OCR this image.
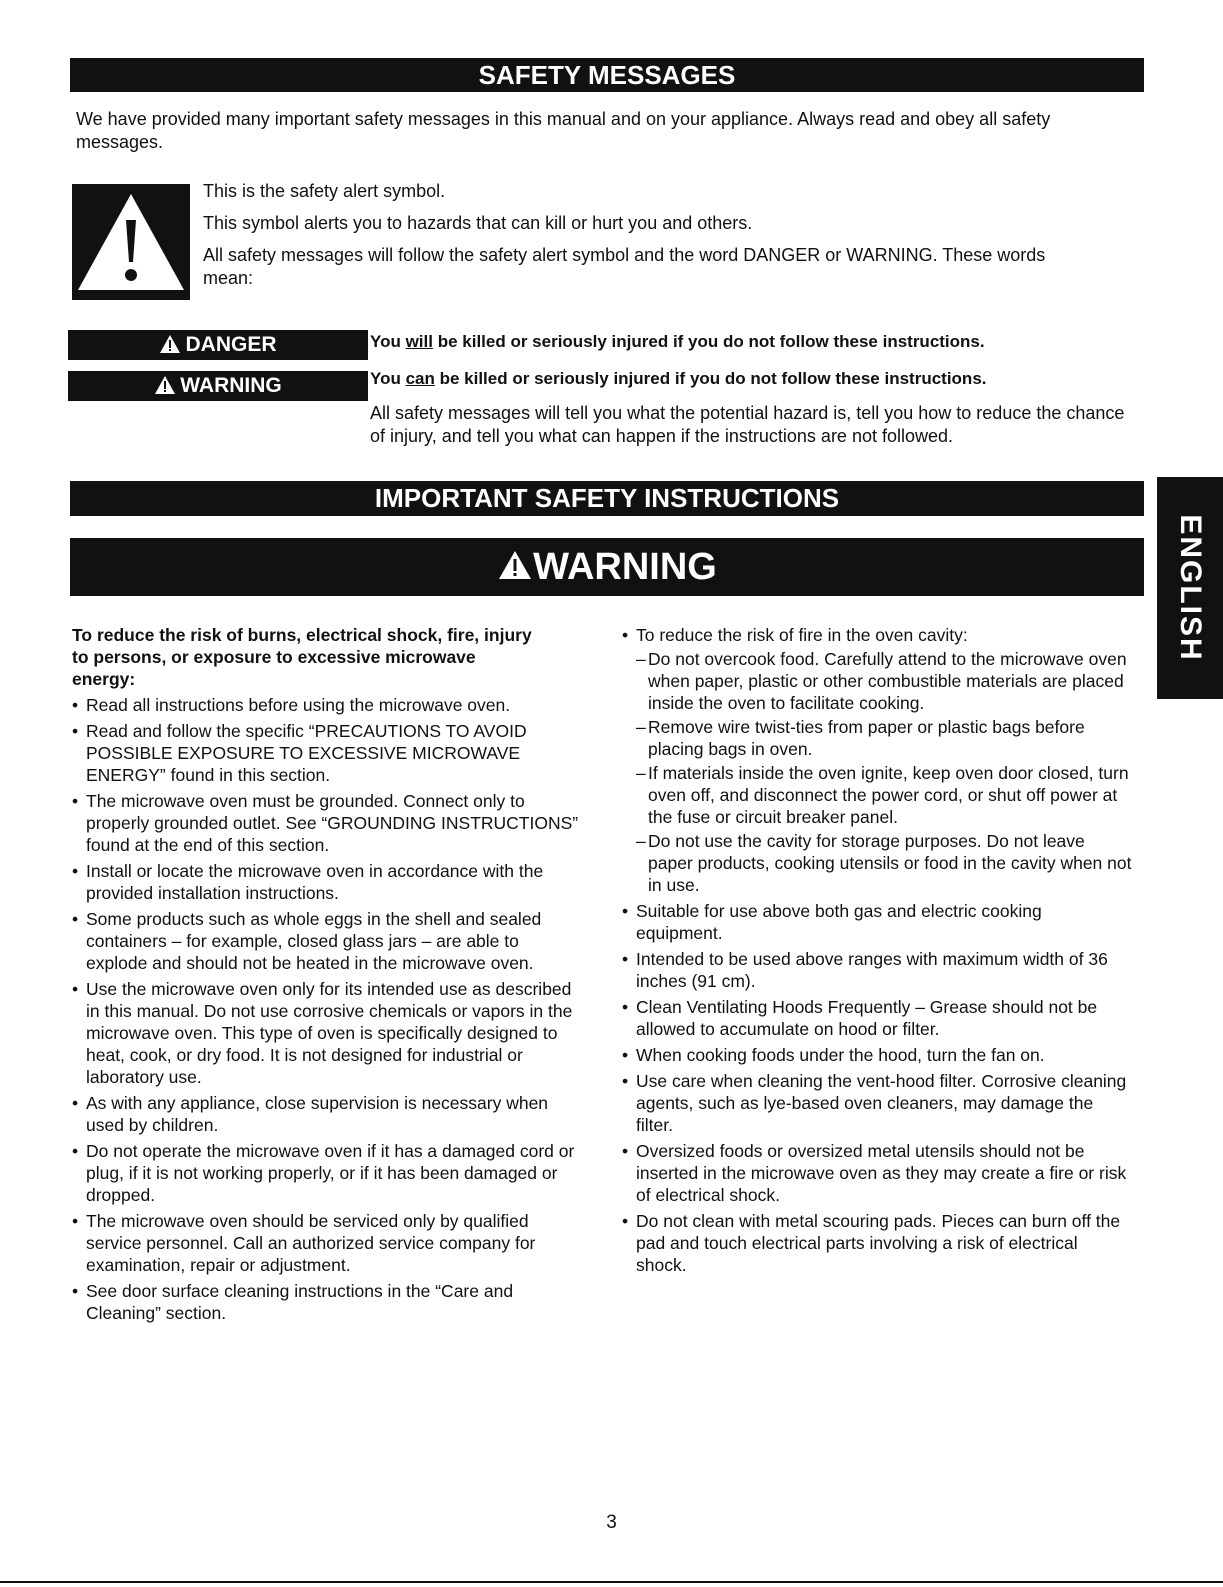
SAFETY MESSAGES
We have provided many important safety messages in this manual and on your appliance. Always read and obey all safety messages.

This is the safety alert symbol.

This symbol alerts you to hazards that can kill or hurt you and others.

All safety messages will follow the safety alert symbol and the word DANGER or WARNING. These words mean:

DANGER	You will be killed or seriously injured if you do not follow these instructions.
WARNING	You can be killed or seriously injured if you do not follow these instructions.
All safety messages will tell you what the potential hazard is, tell you how to reduce the chance of injury, and tell you what can happen if the instructions are not followed.
IMPORTANT SAFETY INSTRUCTIONS
WARNING	ENGLISH
To reduce the risk of burns, electrical shock, fire, injury to persons, or exposure to excessive microwave energy:
• Read all instructions before using the microwave oven.
• Read and follow the specific “PRECAUTIONS TO AVOID POSSIBLE EXPOSURE TO EXCESSIVE MICROWAVE ENERGY” found in this section.
• The microwave oven must be grounded. Connect only to properly grounded outlet. See “GROUNDING INSTRUCTIONS” found at the end of this section.
• Install or locate the microwave oven in accordance with the provided installation instructions.
• Some products such as whole eggs in the shell and sealed containers – for example, closed glass jars – are able to explode and should not be heated in the microwave oven.
• Use the microwave oven only for its intended use as described in this manual. Do not use corrosive chemicals or vapors in the microwave oven. This type of oven is specifically designed to heat, cook, or dry food. It is not designed for industrial or laboratory use.
• As with any appliance, close supervision is necessary when used by children.
• Do not operate the microwave oven if it has a damaged cord or plug, if it is not working properly, or if it has been damaged or dropped.
• The microwave oven should be serviced only by qualified service personnel. Call an authorized service company for examination, repair or adjustment.
• See door surface cleaning instructions in the “Care and Cleaning” section.
• To reduce the risk of fire in the oven cavity:
– Do not overcook food. Carefully attend to the microwave oven when paper, plastic or other combustible materials are placed inside the oven to facilitate cooking.
– Remove wire twist-ties from paper or plastic bags before placing bags in oven.
– If materials inside the oven ignite, keep oven door closed, turn oven off, and disconnect the power cord, or shut off power at the fuse or circuit breaker panel.
– Do not use the cavity for storage purposes. Do not leave paper products, cooking utensils or food in the cavity when not in use.
• Suitable for use above both gas and electric cooking equipment.
• Intended to be used above ranges with maximum width of 36 inches (91 cm).
• Clean Ventilating Hoods Frequently – Grease should not be allowed to accumulate on hood or filter.
• When cooking foods under the hood, turn the fan on.
• Use care when cleaning the vent-hood filter. Corrosive cleaning agents, such as lye-based oven cleaners, may damage the filter.
• Oversized foods or oversized metal utensils should not be inserted in the microwave oven as they may create a fire or risk of electrical shock.
• Do not clean with metal scouring pads. Pieces can burn off the pad and touch electrical parts involving a risk of electrical shock.
3
